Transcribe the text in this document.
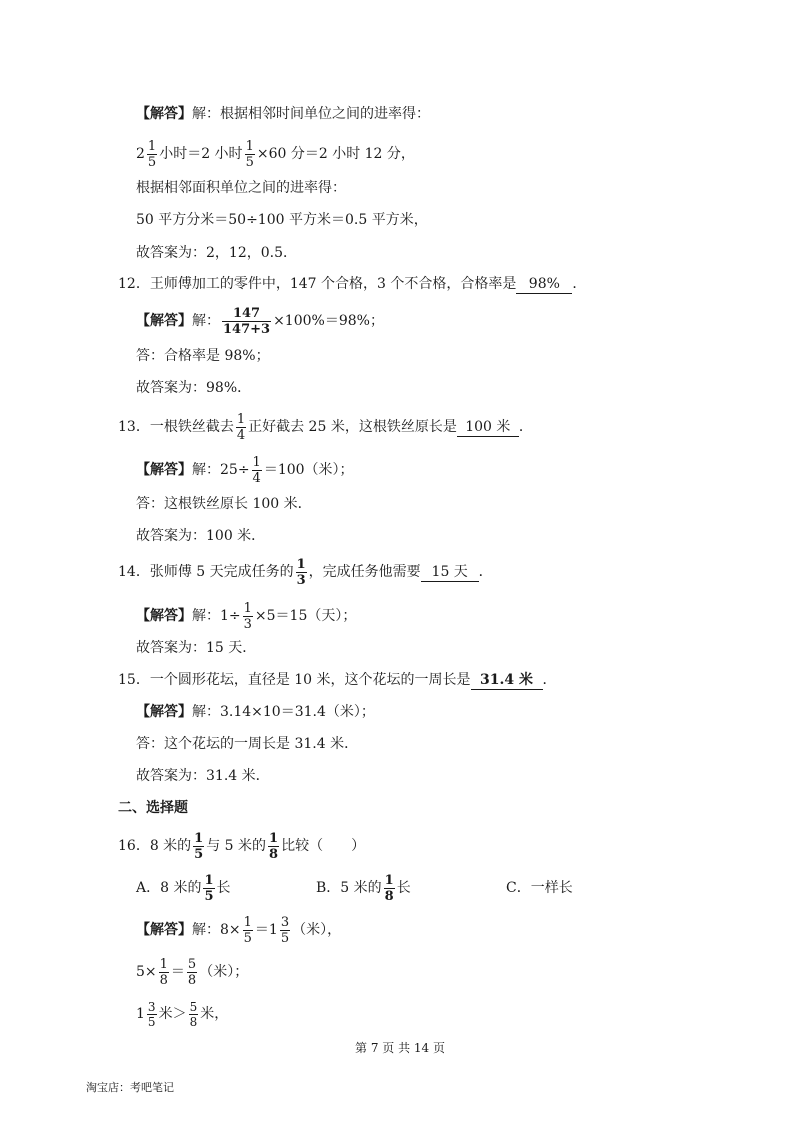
【解答】解：根据相邻时间单位之间的进率得：
$2 \frac{1}{5}$ 小时＝2 小时 $\frac{1}{5} \times 60$ 分＝2 小时 12 分，
根据相邻面积单位之间的进率得：
50 平方分米＝50÷100 平方米＝0.5 平方米，
故答案为：2，12，0.5．
12．王师傅加工的零件中，147 个合格，3 个不合格，合格率是 98% ．
【解答】解： $\frac{147}{147+3} \times 100\%=98\%$；
答：合格率是 98%；
故答案为：98%．
13．一根铁丝截去 $\frac{1}{4}$ 正好截去 25 米，这根铁丝原长是 100 米 ．
【解答】解：$25\div \frac{1}{4} =100$（米）；
答：这根铁丝原长 100 米．
故答案为：100 米．
14．张师傅 5 天完成任务的 $\frac{1}{3}$ ，完成任务他需要 15 天 ．
【解答】解：$1\div \frac{1}{3} \times 5=15$（天）；
故答案为：15 天．
15．一个圆形花坛，直径是 10 米，这个花坛的一周长是 31.4 米 ．
【解答】解：3.14×10＝31.4（米）；
答：这个花坛的一周长是 31.4 米．
故答案为：31.4 米．
二、选择题
16．8 米的 $\frac{1}{5}$ 与 5 米的 $\frac{1}{8}$ 比较（　　）
A．8 米的 $\frac{1}{5}$ 长	B．5 米的 $\frac{1}{8}$ 长	C．一样长
【解答】解：$8\times \frac{1}{5} =1 \frac{3}{5}$ （米），
$5\times \frac{1}{8} = \frac{5}{8}$ （米）；
$1 \frac{3}{5}$ 米＞ $\frac{5}{8}$ 米，
第 7 页 共 14 页
淘宝店：考吧笔记
